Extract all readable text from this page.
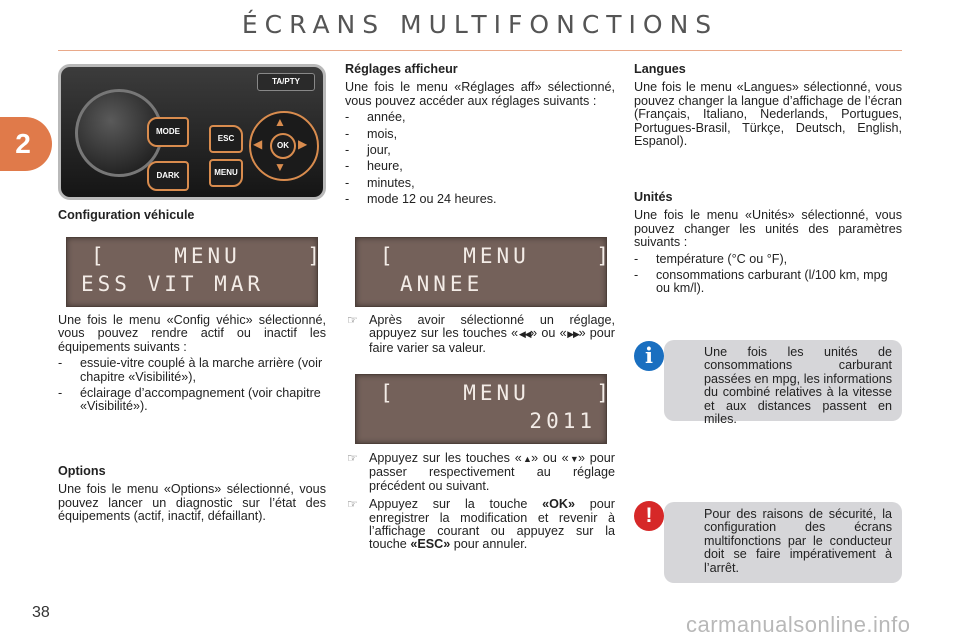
ÉCRANS MULTIFONCTIONS
2	MODE
DARK
ESC
MENU
TA/PTY
▲
▼
◀	▶
OK
Configuration véhicule
[    MENU    ]
ESS VIT MAR

Une fois le menu «Config véhic» sélectionné, vous pouvez rendre actif ou inactif les équipements suivants :

- essuie-vitre couplé à la marche arrière (voir chapitre «Visibilité»),
- éclairage d’accompagnement (voir chapitre «Visibilité»).
Options

Une fois le menu «Options» sélectionné, vous pouvez lancer un diagnostic sur l’état des équipements (actif, inactif, défaillant).

Réglages afficheur

Une fois le menu «Réglages aff» sélectionné, vous pouvez accéder aux réglages suivants :

- année,
- mois,
- jour,
- heure,
- minutes,
- mode 12 ou 24 heures.
[    MENU    ]
ANNEE
☞ Après avoir sélectionné un réglage, appuyez sur les touches «◀◀» ou «▶▶» pour faire varier sa valeur.
[    MENU    ]
2011
☞ Appuyez sur les touches «▲» ou «▼» pour passer respectivement au réglage précédent ou suivant.
☞ Appuyez sur la touche «OK» pour enregistrer la modification et revenir à l’affichage courant ou appuyez sur la touche «ESC» pour annuler.
Langues

Une fois le menu «Langues» sélectionné, vous pouvez changer la langue d’affichage de l’écran (Français, Italiano, Nederlands, Portugues, Portugues-Brasil, Türkçe, Deutsch, English, Espanol).

Unités

Une fois le menu «Unités» sélectionné, vous pouvez changer les unités des paramètres suivants :

- température (°C ou °F),
- consommations carburant (l/100 km, mpg ou km/l).
Une fois les unités de consommations carburant passées en mpg, les informations du combiné relatives à la vitesse et aux distances passent en miles.
i
Pour des raisons de sécurité, la configuration des écrans multifonctions par le conducteur doit se faire impérativement à l’arrêt.
!
38	carmanualsonline.info
